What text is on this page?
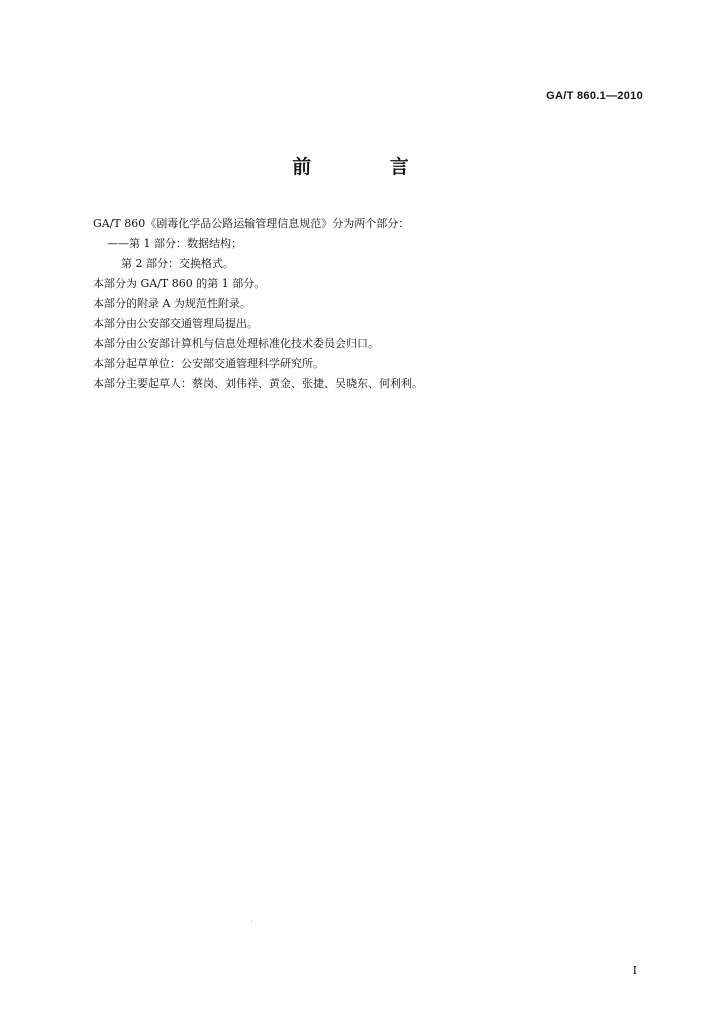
GA/T 860.1—2010
前 言
GA/T 860《剧毒化学品公路运输管理信息规范》分为两个部分：
——第 1 部分：数据结构；
第 2 部分：交换格式。
本部分为 GA/T 860 的第 1 部分。
本部分的附录 A 为规范性附录。
本部分由公安部交通管理局提出。
本部分由公安部计算机与信息处理标准化技术委员会归口。
本部分起草单位：公安部交通管理科学研究所。
本部分主要起草人：蔡岗、刘伟祥、黄金、张捷、吴晓东、何利利。
I
